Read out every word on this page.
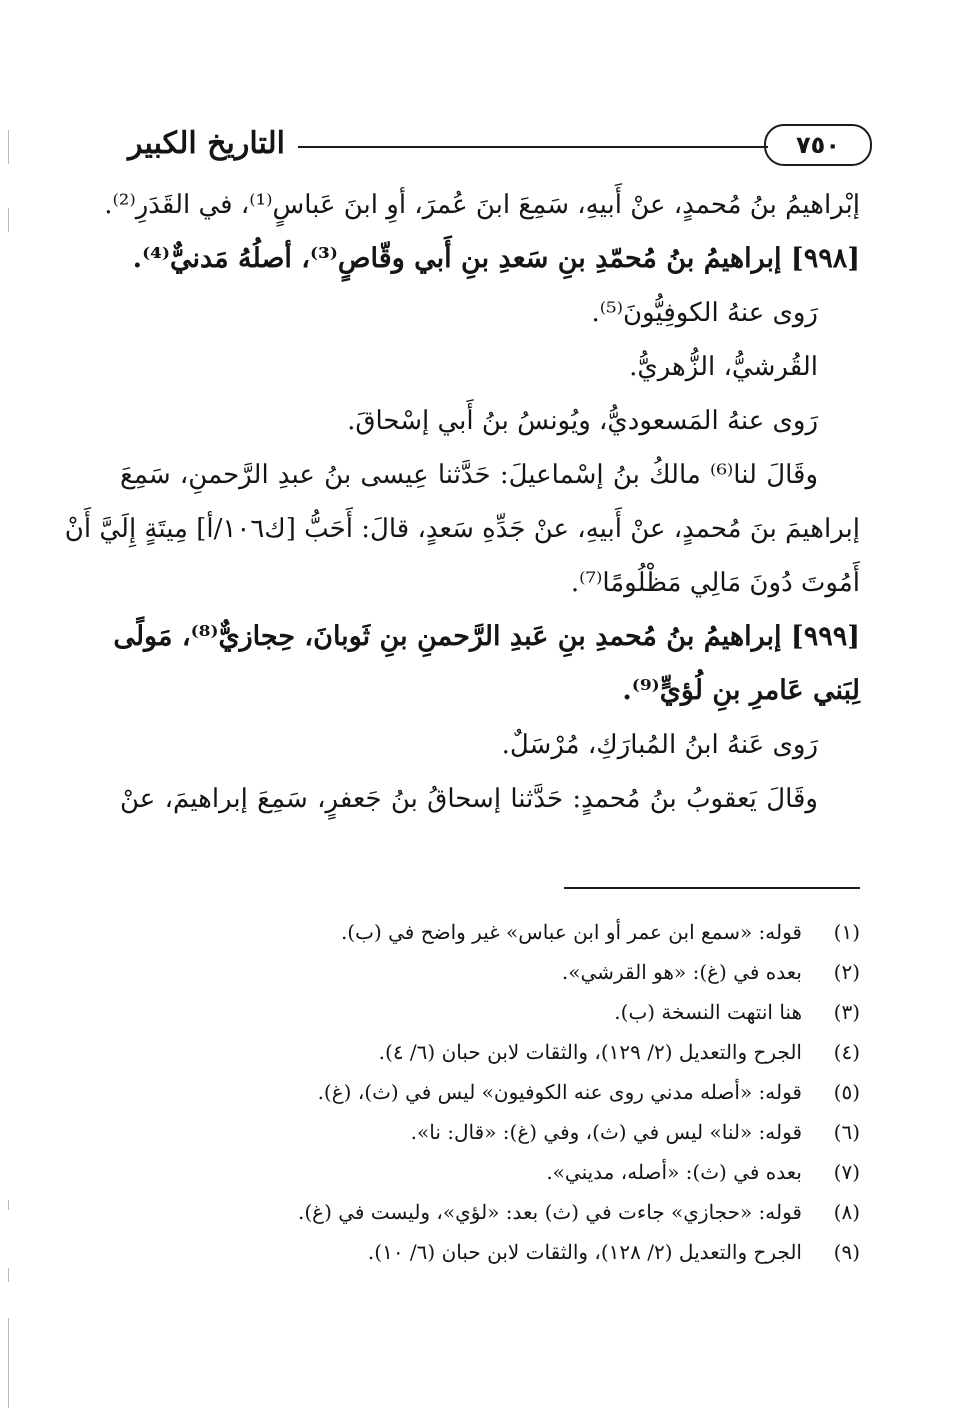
٧٥٠
التاريخ الكبير
إبْراهيمُ بنُ مُحمدٍ، عنْ أَبيهِ، سَمِعَ ابنَ عُمرَ، أوِ ابنَ عَباسٍ⁽¹⁾، في القَدَرِ⁽²⁾.
[٩٩٨] إبراهيمُ بنُ مُحمّدِ بنِ سَعدِ بنِ أَبي وقّاصٍ⁽³⁾، أصلُهُ مَدنيٌّ⁽⁴⁾.
رَوى عنهُ الكوفِيُّونَ⁽⁵⁾.
القُرشيُّ، الزُّهريُّ.
رَوى عنهُ المَسعوديُّ، ويُونسُ بنُ أَبي إسْحاقَ.
وقَالَ لنا⁽⁶⁾ مالكُ بنُ إسْماعيلَ: حَدَّثنا عِيسى بنُ عبدِ الرَّحمنِ، سَمِعَ
إبراهيمَ بنَ مُحمدٍ، عنْ أَبيهِ، عنْ جَدِّهِ سَعدٍ، قالَ: أَحَبُّ [ك١٠٦/أ] مِيتَةٍ إِلَيَّ أَنْ
أَمُوتَ دُونَ مَالِي مَظْلُومًا⁽⁷⁾.
[٩٩٩] إبراهيمُ بنُ مُحمدِ بنِ عَبدِ الرَّحمنِ بنِ ثَوبانَ، حِجازيٌّ⁽⁸⁾، مَولًى
لِبَني عَامرِ بنِ لُؤيٍّ⁽⁹⁾.
رَوى عَنهُ ابنُ المُبارَكِ، مُرْسَلٌ.
وقَالَ يَعقوبُ بنُ مُحمدٍ: حَدَّثنا إسحاقُ بنُ جَعفرٍ، سَمِعَ إبراهيمَ، عنْ
(١)
قوله: «سمع ابن عمر أو ابن عباس» غير واضح في (ب).
(٢)
بعده في (غ): «هو القرشي».
(٣)
هنا انتهت النسخة (ب).
(٤)
الجرح والتعديل (٢/ ١٢٩)، والثقات لابن حبان (٦/ ٤).
(٥)
قوله: «أصله مدني روى عنه الكوفيون» ليس في (ث)، (غ).
(٦)
قوله: «لنا» ليس في (ث)، وفي (غ): «قال: نا».
(٧)
بعده في (ث): «أصله، مديني».
(٨)
قوله: «حجازي» جاءت في (ث) بعد: «لؤي»، وليست في (غ).
(٩)
الجرح والتعديل (٢/ ١٢٨)، والثقات لابن حبان (٦/ ١٠).
